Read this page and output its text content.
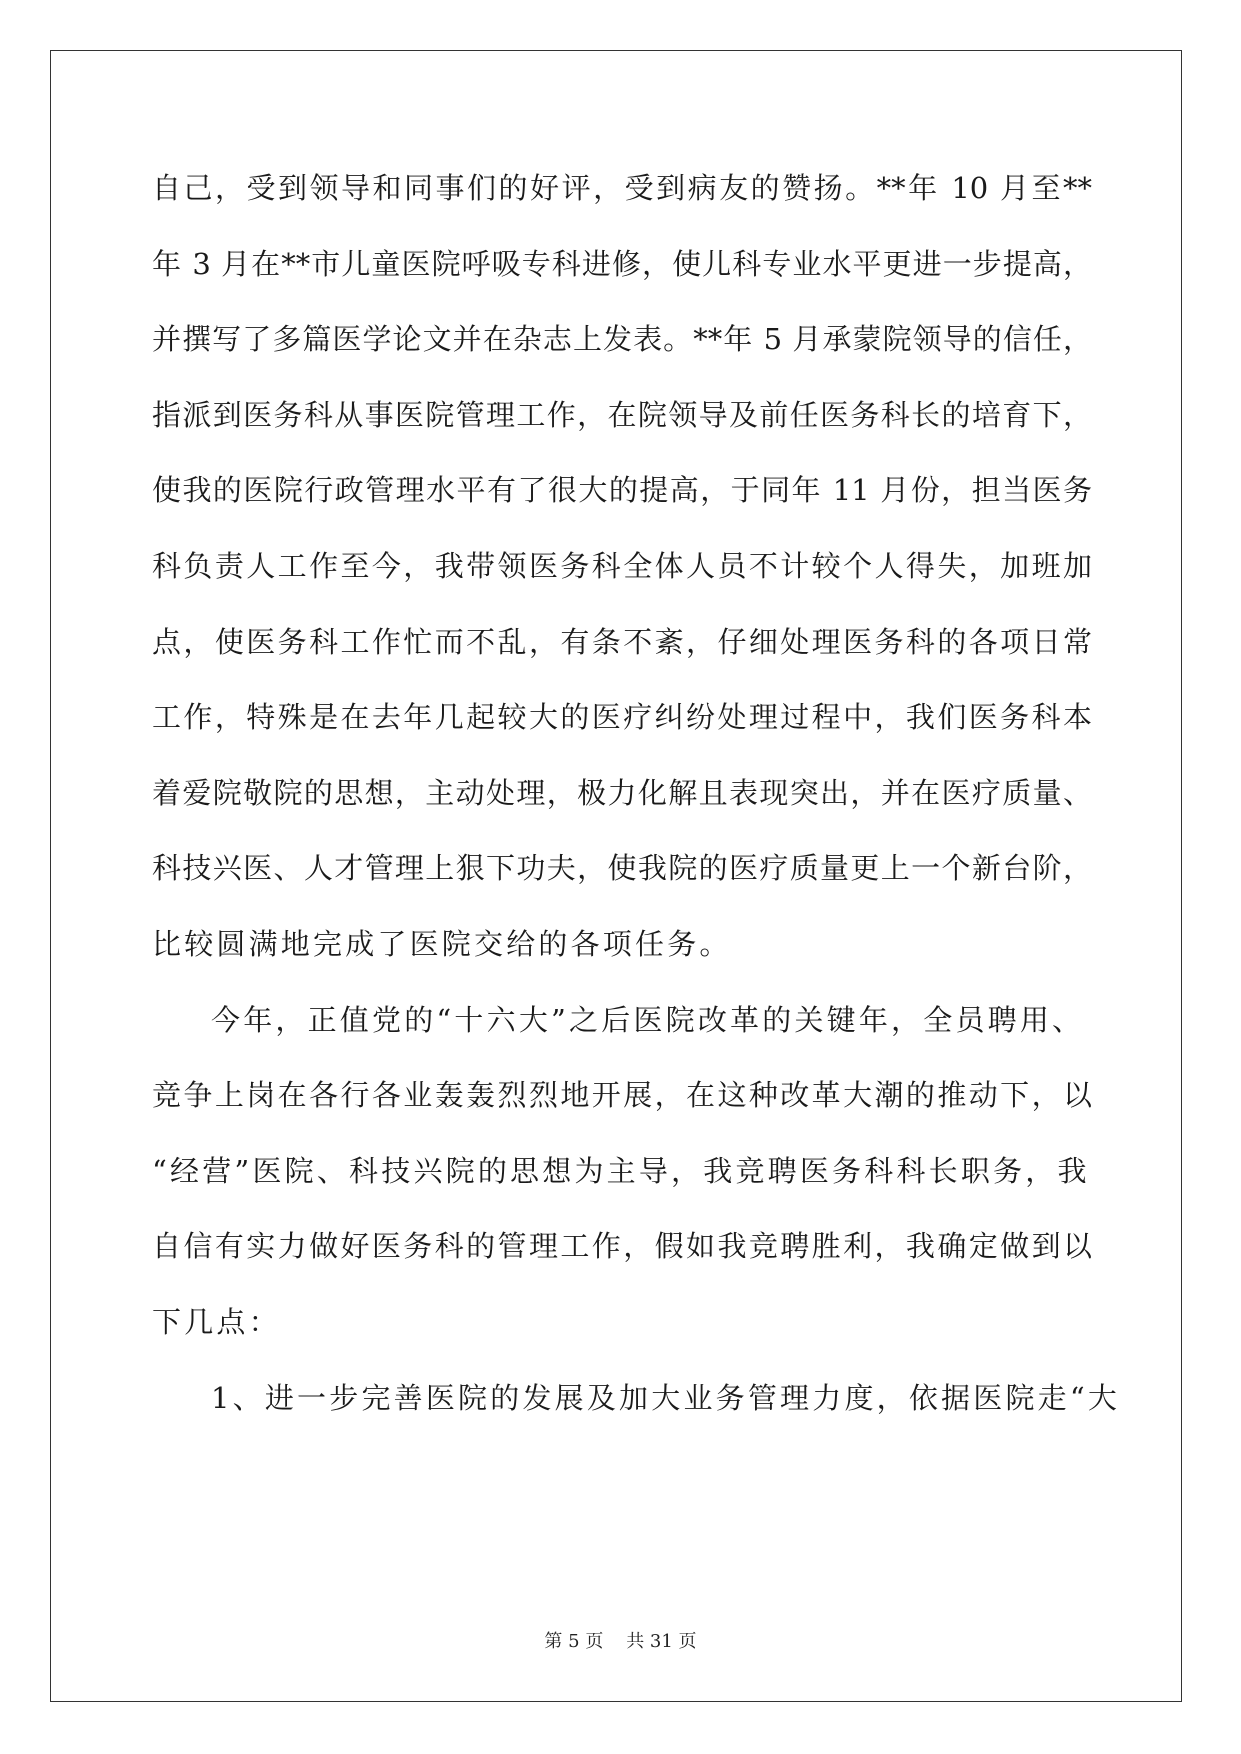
自己，受到领导和同事们的好评，受到病友的赞扬。**年 10 月至**
年 3 月在**市儿童医院呼吸专科进修，使儿科专业水平更进一步提高，
并撰写了多篇医学论文并在杂志上发表。**年 5 月承蒙院领导的信任，
指派到医务科从事医院管理工作，在院领导及前任医务科长的培育下，
使我的医院行政管理水平有了很大的提高，于同年 11 月份，担当医务
科负责人工作至今，我带领医务科全体人员不计较个人得失，加班加
点，使医务科工作忙而不乱，有条不紊，仔细处理医务科的各项日常
工作，特殊是在去年几起较大的医疗纠纷处理过程中，我们医务科本
着爱院敬院的思想，主动处理，极力化解且表现突出，并在医疗质量、
科技兴医、人才管理上狠下功夫，使我院的医疗质量更上一个新台阶，
比较圆满地完成了医院交给的各项任务。
今年，正值党的“十六大”之后医院改革的关键年，全员聘用、
竞争上岗在各行各业轰轰烈烈地开展，在这种改革大潮的推动下，以
“经营”医院、科技兴院的思想为主导，我竞聘医务科科长职务，我
自信有实力做好医务科的管理工作，假如我竞聘胜利，我确定做到以
下几点：
1、进一步完善医院的发展及加大业务管理力度，依据医院走“大
第 5 页    共 31 页
